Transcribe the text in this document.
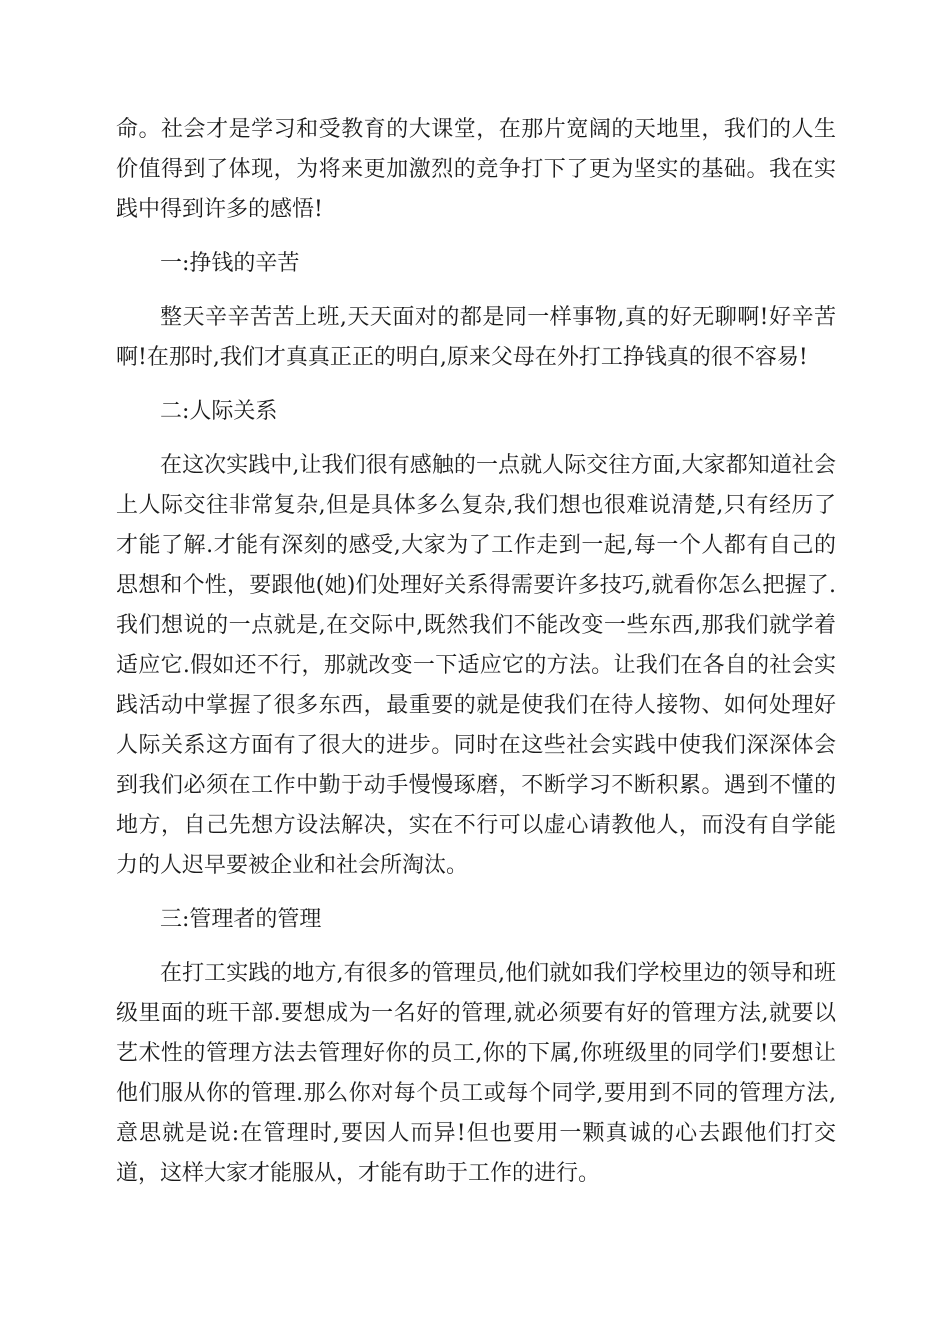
命。社会才是学习和受教育的大课堂，在那片宽阔的天地里，我们的人生价值得到了体现，为将来更加激烈的竞争打下了更为坚实的基础。我在实践中得到许多的感悟!

一:挣钱的辛苦

整天辛辛苦苦上班,天天面对的都是同一样事物,真的好无聊啊!好辛苦啊!在那时,我们才真真正正的明白,原来父母在外打工挣钱真的很不容易!

二:人际关系

在这次实践中,让我们很有感触的一点就人际交往方面,大家都知道社会上人际交往非常复杂,但是具体多么复杂,我们想也很难说清楚,只有经历了才能了解.才能有深刻的感受,大家为了工作走到一起,每一个人都有自己的思想和个性，要跟他(她)们处理好关系得需要许多技巧,就看你怎么把握了.我们想说的一点就是,在交际中,既然我们不能改变一些东西,那我们就学着适应它.假如还不行，那就改变一下适应它的方法。让我们在各自的社会实践活动中掌握了很多东西，最重要的就是使我们在待人接物、如何处理好人际关系这方面有了很大的进步。同时在这些社会实践中使我们深深体会到我们必须在工作中勤于动手慢慢琢磨，不断学习不断积累。遇到不懂的地方，自己先想方设法解决，实在不行可以虚心请教他人，而没有自学能力的人迟早要被企业和社会所淘汰。

三:管理者的管理

在打工实践的地方,有很多的管理员,他们就如我们学校里边的领导和班级里面的班干部.要想成为一名好的管理,就必须要有好的管理方法,就要以艺术性的管理方法去管理好你的员工,你的下属,你班级里的同学们!要想让他们服从你的管理.那么你对每个员工或每个同学,要用到不同的管理方法,意思就是说:在管理时,要因人而异!但也要用一颗真诚的心去跟他们打交道，这样大家才能服从，才能有助于工作的进行。
